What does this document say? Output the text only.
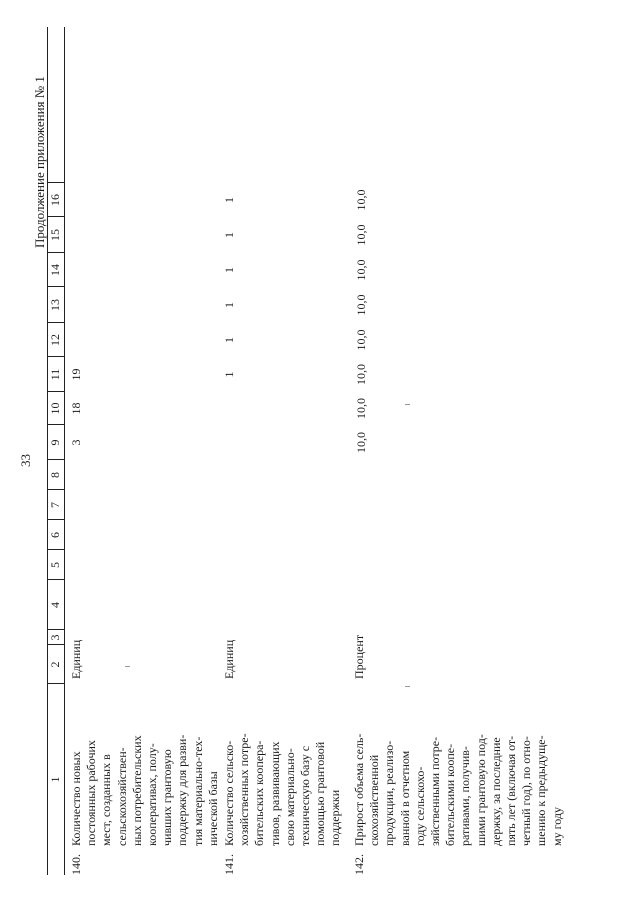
33
Продолжение приложения № 1
1
2
3
4
5
6
7
8
9
10
11
12
13
14
15
16
140.
Количество новых
постоянных рабочих
мест, созданных в
сельскохозяйствен-
ных потребительских
кооперативах, полу-
чивших грантовую
поддержку для разви-
тия материально-тех-
нической базы
Единиц
3
18
19
141.
Количество сельско-
хозяйственных потре-
бительских коопера-
тивов, развивающих
свою материально-
техническую базу с
помощью грантовой
поддержки
Единиц
1
1
1
1
1
1
142.
Прирост объема сель-
скохозяйственной
продукции, реализо-
ванной в отчетном
году сельскохо-
зяйственными потре-
бительскими коопе-
ративами, получив-
шими грантовую под-
держку, за последние
пять лет (включая от-
четный год), по отно-
шению к предыдуще-
му году
Процент
10,0
10,0
10,0
10,0
10,0
10,0
10,0
10,0
